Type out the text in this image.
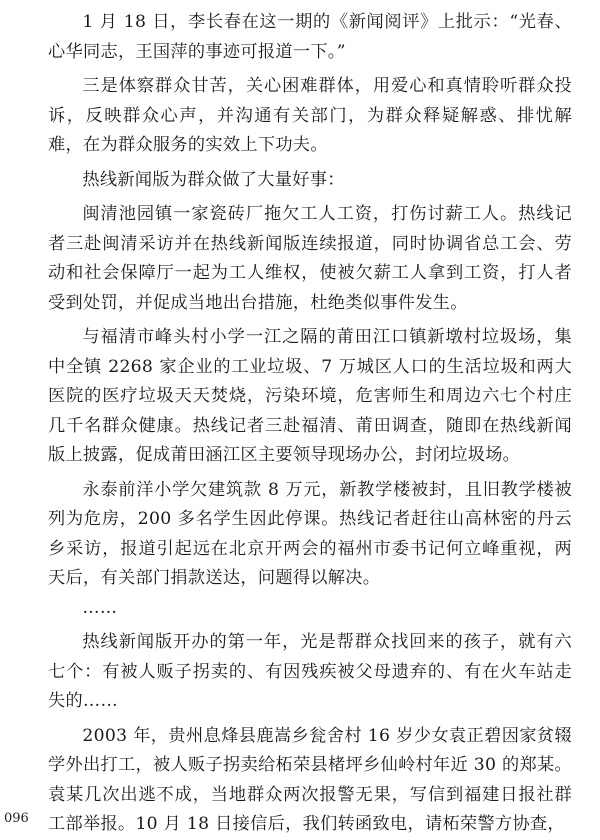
1 月 18 日，李长春在这一期的《新闻阅评》上批示：“光春、心华同志，王国萍的事迹可报道一下。”

三是体察群众甘苦，关心困难群体，用爱心和真情聆听群众投诉，反映群众心声，并沟通有关部门，为群众释疑解惑、排忧解难，在为群众服务的实效上下功夫。

热线新闻版为群众做了大量好事：

闽清池园镇一家瓷砖厂拖欠工人工资，打伤讨薪工人。热线记者三赴闽清采访并在热线新闻版连续报道，同时协调省总工会、劳动和社会保障厅一起为工人维权，使被欠薪工人拿到工资，打人者受到处罚，并促成当地出台措施，杜绝类似事件发生。

与福清市峰头村小学一江之隔的莆田江口镇新墩村垃圾场，集中全镇 2268 家企业的工业垃圾、7 万城区人口的生活垃圾和两大医院的医疗垃圾天天焚烧，污染环境，危害师生和周边六七个村庄几千名群众健康。热线记者三赴福清、莆田调查，随即在热线新闻版上披露，促成莆田涵江区主要领导现场办公，封闭垃圾场。

永泰前洋小学欠建筑款 8 万元，新教学楼被封，且旧教学楼被列为危房，200 多名学生因此停课。热线记者赶往山高林密的丹云乡采访，报道引起远在北京开两会的福州市委书记何立峰重视，两天后，有关部门捐款送达，问题得以解决。

……

热线新闻版开办的第一年，光是帮群众找回来的孩子，就有六七个：有被人贩子拐卖的、有因残疾被父母遗弃的、有在火车站走失的……

2003 年，贵州息烽县鹿嵩乡瓮舍村 16 岁少女袁正碧因家贫辍学外出打工，被人贩子拐卖给柘荣县楮坪乡仙岭村年近 30 的郑某。袁某几次出逃不成，当地群众两次报警无果，写信到福建日报社群工部举报。10 月 18 日接信后，我们转函致电，请柘荣警方协查，

096
